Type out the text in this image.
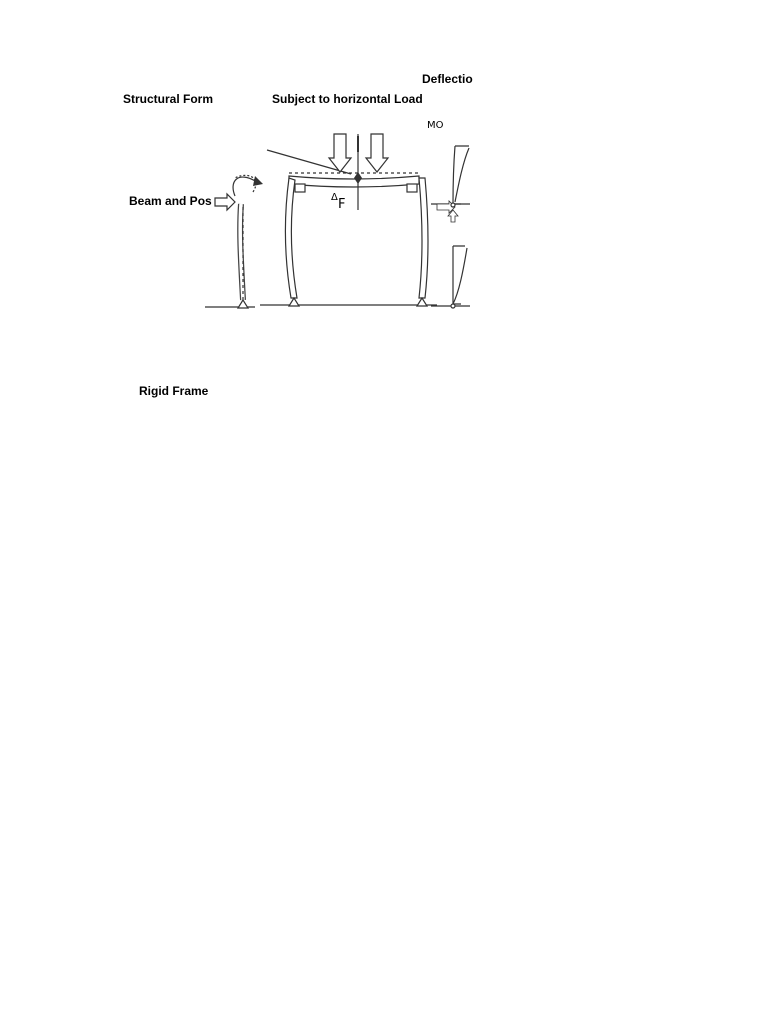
Deflectio
Structural Form	Subject to horizontal Load
Beam and Pos
Rigid Frame
Δ F
MO
